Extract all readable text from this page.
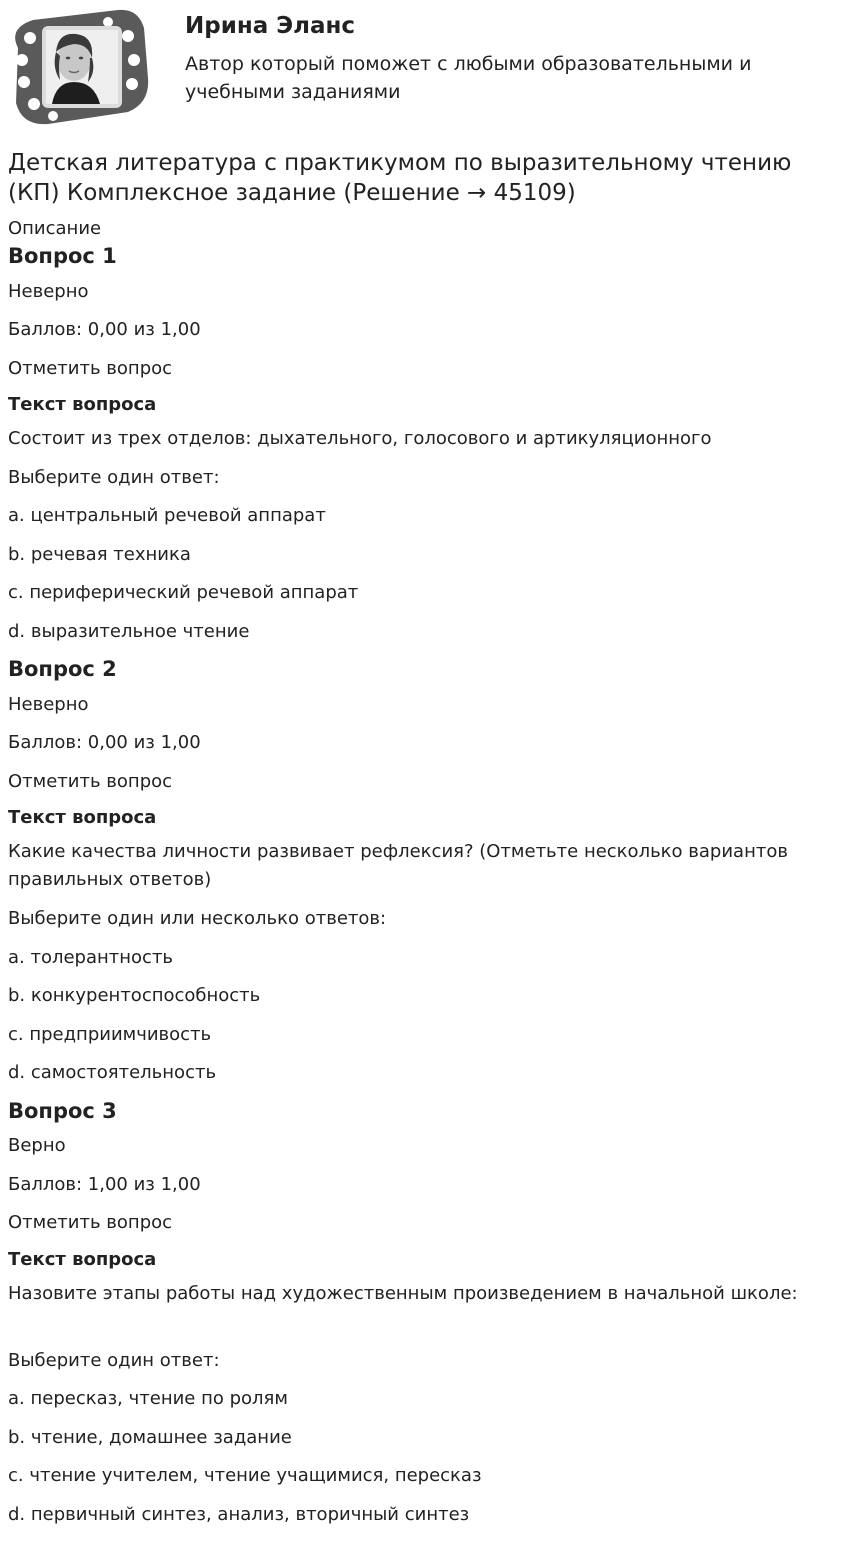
Ирина Эланс
Автор который поможет с любыми образовательными и учебными заданиями
Детская литература с практикумом по выразительному чтению (КП) Комплексное задание (Решение → 45109)
Описание
Вопрос 1
Неверно
Баллов: 0,00 из 1,00
Отметить вопрос
Текст вопроса
Состоит из трех отделов: дыхательного, голосового и артикуляционного
Выберите один ответ:
a. центральный речевой аппарат
b. речевая техника
c. периферический речевой аппарат
d. выразительное чтение
Вопрос 2
Неверно
Баллов: 0,00 из 1,00
Отметить вопрос
Текст вопроса
Какие качества личности развивает рефлексия? (Отметьте несколько вариантов правильных ответов)
Выберите один или несколько ответов:
a. толерантность
b. конкурентоспособность
c. предприимчивость
d. самостоятельность
Вопрос 3
Верно
Баллов: 1,00 из 1,00
Отметить вопрос
Текст вопроса
Назовите этапы работы над художественным произведением в начальной школе:
Выберите один ответ:
a. пересказ, чтение по ролям
b. чтение, домашнее задание
c. чтение учителем, чтение учащимися, пересказ
d. первичный синтез, анализ, вторичный синтез
